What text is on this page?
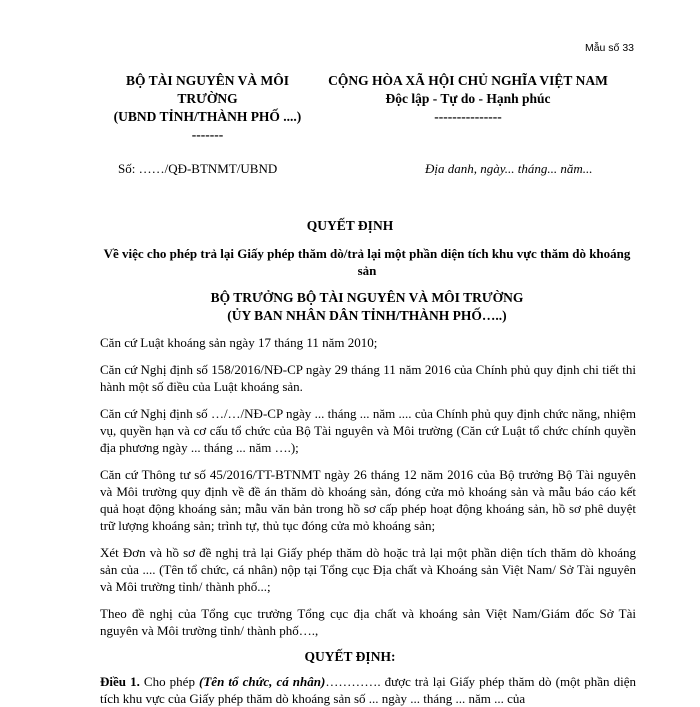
Mẫu số 33
BỘ TÀI NGUYÊN VÀ MÔI TRƯỜNG
(UBND TỈNH/THÀNH PHỐ ....)
-------
CỘNG HÒA XÃ HỘI CHỦ NGHĨA VIỆT NAM
Độc lập - Tự do - Hạnh phúc
---------------
Số: ……/QĐ-BTNMT/UBND	Địa danh, ngày... tháng... năm...
QUYẾT ĐỊNH
Về việc cho phép trả lại Giấy phép thăm dò/trả lại một phần diện tích khu vực thăm dò khoáng sản
BỘ TRƯỞNG BỘ TÀI NGUYÊN VÀ MÔI TRƯỜNG
(ỦY BAN NHÂN DÂN TỈNH/THÀNH PHỐ…..)
Căn cứ Luật khoáng sản ngày 17 tháng 11 năm 2010;
Căn cứ Nghị định số 158/2016/NĐ-CP ngày 29 tháng 11 năm 2016 của Chính phủ quy định chi tiết thi hành một số điều của Luật khoáng sản.
Căn cứ Nghị định số …/…/NĐ-CP ngày ... tháng ... năm .... của Chính phủ quy định chức năng, nhiệm vụ, quyền hạn và cơ cấu tổ chức của Bộ Tài nguyên và Môi trường (Căn cứ Luật tổ chức chính quyền địa phương ngày ... tháng ... năm ….);
Căn cứ Thông tư số 45/2016/TT-BTNMT ngày 26 tháng 12 năm 2016 của Bộ trưởng Bộ Tài nguyên và Môi trường quy định về đề án thăm dò khoáng sản, đóng cửa mỏ khoáng sản và mẫu báo cáo kết quả hoạt động khoáng sản; mẫu văn bản trong hồ sơ cấp phép hoạt động khoáng sản, hồ sơ phê duyệt trữ lượng khoáng sản; trình tự, thủ tục đóng cửa mỏ khoáng sản;
Xét Đơn và hồ sơ đề nghị trả lại Giấy phép thăm dò hoặc trả lại một phần diện tích thăm dò khoáng sản của .... (Tên tổ chức, cá nhân) nộp tại Tổng cục Địa chất và Khoáng sản Việt Nam/ Sở Tài nguyên và Môi trường tỉnh/ thành phố...;
Theo đề nghị của Tổng cục trưởng Tổng cục địa chất và khoáng sản Việt Nam/Giám đốc Sở Tài nguyên và Môi trường tỉnh/ thành phố….,
QUYẾT ĐỊNH:
Điều 1. Cho phép (Tên tổ chức, cá nhân)…………. được trả lại Giấy phép thăm dò (một phần diện tích khu vực của Giấy phép thăm dò khoáng sản số ... ngày ... tháng ... năm ... của
